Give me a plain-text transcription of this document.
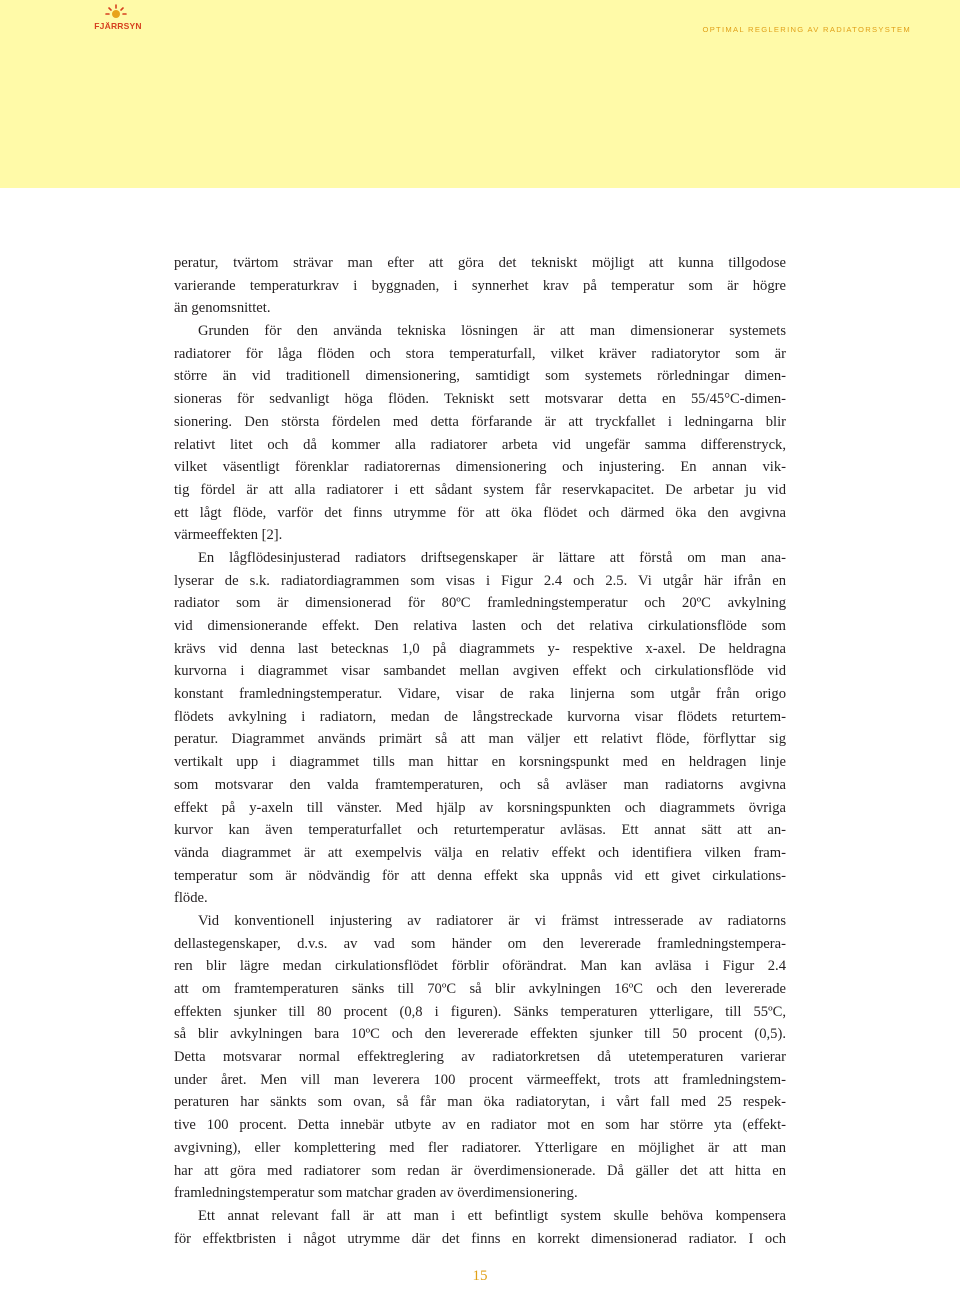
FJÄRRSYN	OPTIMAL REGLERING AV RADIATORSYSTEM
peratur, tvärtom strävar man efter att göra det tekniskt möjligt att kunna tillgodose
varierande temperaturkrav i byggnaden, i synnerhet krav på temperatur som är högre
än genomsnittet.
Grunden för den använda tekniska lösningen är att man dimensionerar systemets
radiatorer för låga flöden och stora temperaturfall, vilket kräver radiatorytor som är
större än vid traditionell dimensionering, samtidigt som systemets rörledningar dimen-
sioneras för sedvanligt höga flöden. Tekniskt sett motsvarar detta en 55/45°C-dimen-
sionering. Den största fördelen med detta förfarande är att tryckfallet i ledningarna blir
relativt litet och då kommer alla radiatorer arbeta vid ungefär samma differenstryck,
vilket väsentligt förenklar radiatorernas dimensionering och injustering. En annan vik-
tig fördel är att alla radiatorer i ett sådant system får reservkapacitet. De arbetar ju vid
ett lågt flöde, varför det finns utrymme för att öka flödet och därmed öka den avgivna
värmeeffekten [2].
En lågflödesinjusterad radiators driftsegenskaper är lättare att förstå om man ana-
lyserar de s.k. radiatordiagrammen som visas i Figur 2.4 och 2.5. Vi utgår här ifrån en
radiator som är dimensionerad för 80ºC framledningstemperatur och 20ºC avkylning
vid dimensionerande effekt. Den relativa lasten och det relativa cirkulationsflöde som
krävs vid denna last betecknas 1,0 på diagrammets y- respektive x-axel. De heldragna
kurvorna i diagrammet visar sambandet mellan avgiven effekt och cirkulationsflöde vid
konstant framledningstemperatur. Vidare, visar de raka linjerna som utgår från origo
flödets avkylning i radiatorn, medan de långstreckade kurvorna visar flödets returtem-
peratur. Diagrammet används primärt så att man väljer ett relativt flöde, förflyttar sig
vertikalt upp i diagrammet tills man hittar en korsningspunkt med en heldragen linje
som motsvarar den valda framtemperaturen, och så avläser man radiatorns avgivna
effekt på y-axeln till vänster. Med hjälp av korsningspunkten och diagrammets övriga
kurvor kan även temperaturfallet och returtemperatur avläsas. Ett annat sätt att an-
vända diagrammet är att exempelvis välja en relativ effekt och identifiera vilken fram-
temperatur som är nödvändig för att denna effekt ska uppnås vid ett givet cirkulations-
flöde.
Vid konventionell injustering av radiatorer är vi främst intresserade av radiatorns
dellastegenskaper, d.v.s. av vad som händer om den levererade framledningstempera-
ren blir lägre medan cirkulationsflödet förblir oförändrat. Man kan avläsa i Figur 2.4
att om framtemperaturen sänks till 70ºC så blir avkylningen 16ºC och den levererade
effekten sjunker till 80 procent (0,8 i figuren). Sänks temperaturen ytterligare, till 55ºC,
så blir avkylningen bara 10ºC och den levererade effekten sjunker till 50 procent (0,5).
Detta motsvarar normal effektreglering av radiatorkretsen då utetemperaturen varierar
under året. Men vill man leverera 100 procent värmeeffekt, trots att framledningstem-
peraturen har sänkts som ovan, så får man öka radiatorytan, i vårt fall med 25 respek-
tive 100 procent. Detta innebär utbyte av en radiator mot en som har större yta (effekt-
avgivning), eller komplettering med fler radiatorer. Ytterligare en möjlighet är att man
har att göra med radiatorer som redan är överdimensionerade. Då gäller det att hitta en
framledningstemperatur som matchar graden av överdimensionering.
Ett annat relevant fall är att man i ett befintligt system skulle behöva kompensera
för effektbristen i något utrymme där det finns en korrekt dimensionerad radiator. I och
15
